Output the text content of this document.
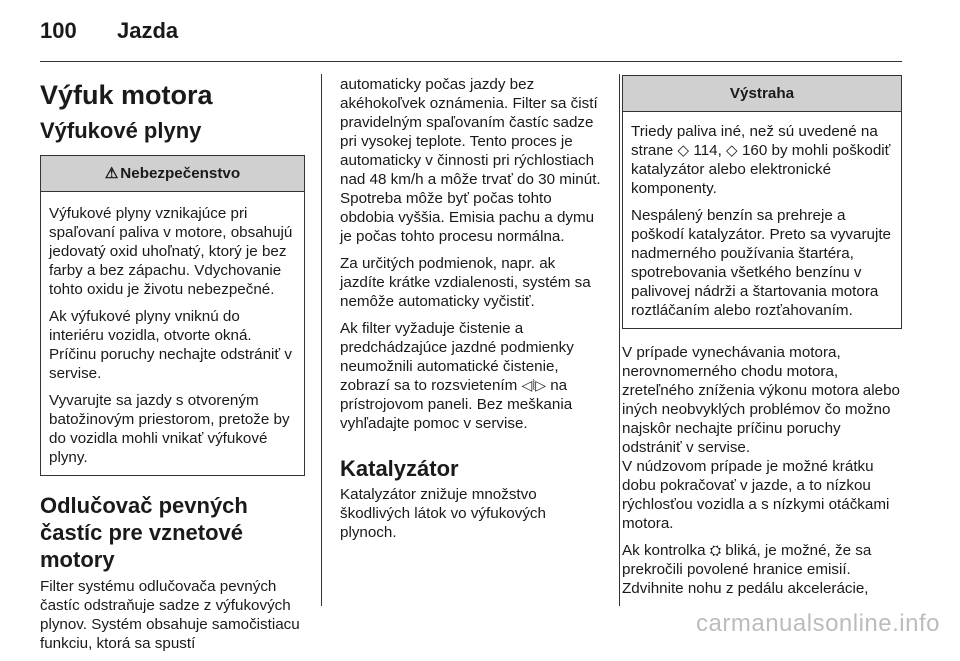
100 Jazda
Výfuk motora
Výfukové plyny
⚠ Nebezpečenstvo

Výfukové plyny vznikajúce pri spaľovaní paliva v motore, obsahujú jedovatý oxid uhoľnatý, ktorý je bez farby a bez zápachu. Vdychovanie tohto oxidu je životu nebezpečné.

Ak výfukové plyny vniknú do interiéru vozidla, otvorte okná. Príčinu poruchy nechajte odstrániť v servise.

Vyvarujte sa jazdy s otvoreným batožinovým priestorom, pretože by do vozidla mohli vnikať výfukové plyny.

Odlučovač pevných častíc pre vznetové motory

Filter systému odlučovača pevných častíc odstraňuje sadze z výfukových plynov. Systém obsahuje samočistiacu funkciu, ktorá sa spustí

automaticky počas jazdy bez akéhokoľvek oznámenia. Filter sa čistí pravidelným spaľovaním častíc sadze pri vysokej teplote. Tento proces je automaticky v činnosti pri rýchlostiach nad 48 km/h a môže trvať do 30 minút. Spotreba môže byť počas tohto obdobia vyššia. Emisia pachu a dymu je počas tohto procesu normálna.

Za určitých podmienok, napr. ak jazdíte krátke vzdialenosti, systém sa nemôže automaticky vyčistiť.

Ak filter vyžaduje čistenie a predchádzajúce jazdné podmienky neumožnili automatické čistenie, zobrazí sa to rozsvietením ◁⦚▷ na prístrojovom paneli. Bez meškania vyhľadajte pomoc v servise.

Katalyzátor

Katalyzátor znižuje množstvo škodlivých látok vo výfukových plynoch.

Výstraha

Triedy paliva iné, než sú uvedené na strane ◇ 114, ◇ 160 by mohli poškodiť katalyzátor alebo elektronické komponenty.

Nespálený benzín sa prehreje a poškodí katalyzátor. Preto sa vyvarujte nadmerného používania štartéra, spotrebovania všetkého benzínu v palivovej nádrži a štartovania motora roztláčaním alebo rozťahovaním.

V prípade vynechávania motora, nerovnomerného chodu motora, zreteľného zníženia výkonu motora alebo iných neobvyklých problémov čo možno najskôr nechajte príčinu poruchy odstrániť v servise.

V núdzovom prípade je možné krátku dobu pokračovať v jazde, a to nízkou rýchlosťou vozidla a s nízkymi otáčkami motora.

Ak kontrolka ⛭ bliká, je možné, že sa prekročili povolené hranice emisií. Zdvihnite nohu z pedálu akcelerácie,

carmanualsonline.info
